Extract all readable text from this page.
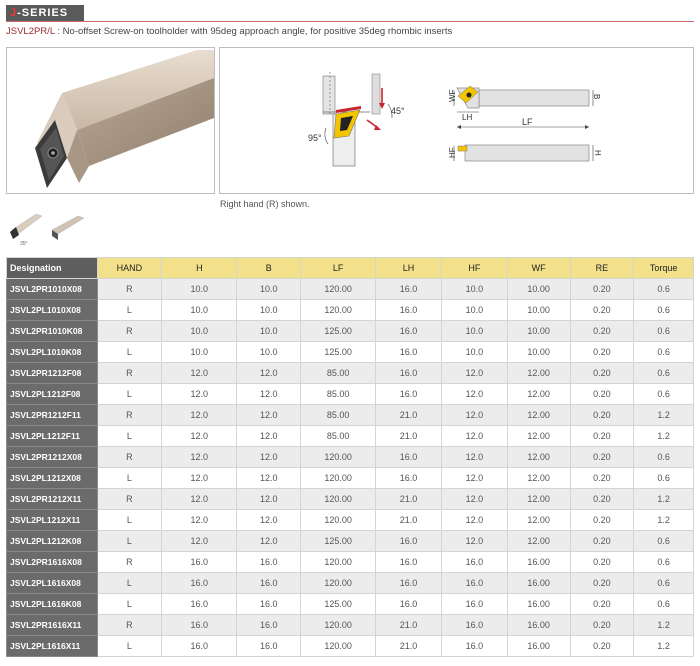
J-SERIES
JSVL2PR/L : No-offset Screw-on toolholder with 95deg approach angle, for positive 35deg rhombic inserts
45°
95°
WF	B
LH	LF
HF	H
Right hand (R) shown.
35°
Designation	HAND	H	B	LF	LH	HF	WF	RE	Torque
JSVL2PR1010X08	R	10.0	10.0	120.00	16.0	10.0	10.00	0.20	0.6
JSVL2PL1010X08	L	10.0	10.0	120.00	16.0	10.0	10.00	0.20	0.6
JSVL2PR1010K08	R	10.0	10.0	125.00	16.0	10.0	10.00	0.20	0.6
JSVL2PL1010K08	L	10.0	10.0	125.00	16.0	10.0	10.00	0.20	0.6
JSVL2PR1212F08	R	12.0	12.0	85.00	16.0	12.0	12.00	0.20	0.6
JSVL2PL1212F08	L	12.0	12.0	85.00	16.0	12.0	12.00	0.20	0.6
JSVL2PR1212F11	R	12.0	12.0	85.00	21.0	12.0	12.00	0.20	1.2
JSVL2PL1212F11	L	12.0	12.0	85.00	21.0	12.0	12.00	0.20	1.2
JSVL2PR1212X08	R	12.0	12.0	120.00	16.0	12.0	12.00	0.20	0.6
JSVL2PL1212X08	L	12.0	12.0	120.00	16.0	12.0	12.00	0.20	0.6
JSVL2PR1212X11	R	12.0	12.0	120.00	21.0	12.0	12.00	0.20	1.2
JSVL2PL1212X11	L	12.0	12.0	120.00	21.0	12.0	12.00	0.20	1.2
JSVL2PL1212K08	L	12.0	12.0	125.00	16.0	12.0	12.00	0.20	0.6
JSVL2PR1616X08	R	16.0	16.0	120.00	16.0	16.0	16.00	0.20	0.6
JSVL2PL1616X08	L	16.0	16.0	120.00	16.0	16.0	16.00	0.20	0.6
JSVL2PL1616K08	L	16.0	16.0	125.00	16.0	16.0	16.00	0.20	0.6
JSVL2PR1616X11	R	16.0	16.0	120.00	21.0	16.0	16.00	0.20	1.2
JSVL2PL1616X11	L	16.0	16.0	120.00	21.0	16.0	16.00	0.20	1.2
